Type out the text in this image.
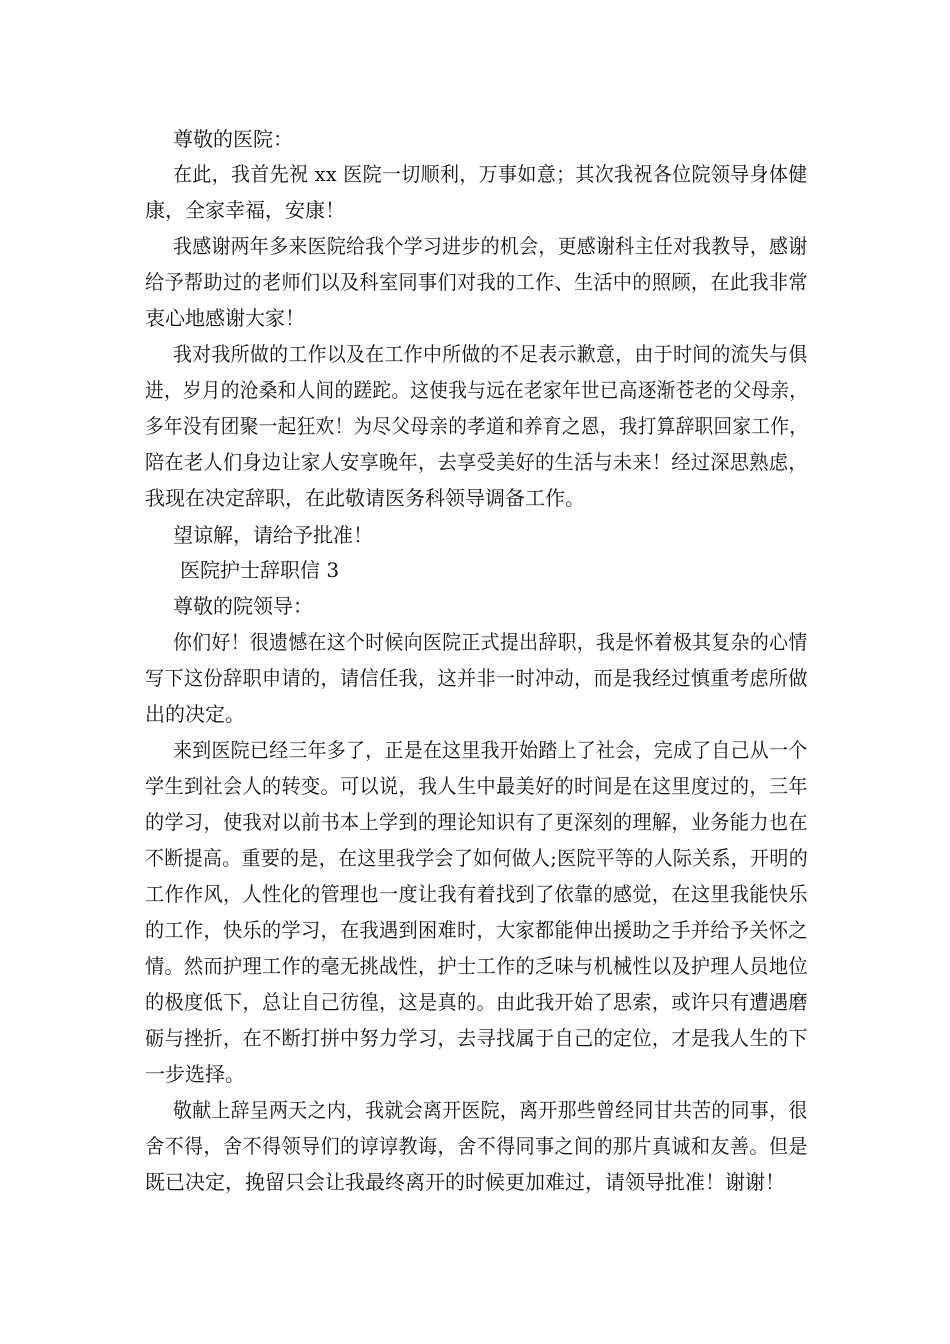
尊敬的医院：
在此，我首先祝 xx 医院一切顺利，万事如意；其次我祝各位院领导身体健
康，全家幸福，安康！
我感谢两年多来医院给我个学习进步的机会，更感谢科主任对我教导，感谢
给予帮助过的老师们以及科室同事们对我的工作、生活中的照顾，在此我非常
衷心地感谢大家！
我对我所做的工作以及在工作中所做的不足表示歉意，由于时间的流失与俱
进，岁月的沧桑和人间的蹉跎。这使我与远在老家年世已高逐渐苍老的父母亲，
多年没有团聚一起狂欢！为尽父母亲的孝道和养育之恩，我打算辞职回家工作，
陪在老人们身边让家人安享晚年，去享受美好的生活与未来！经过深思熟虑，
我现在决定辞职，在此敬请医务科领导调备工作。
望谅解，请给予批准！
医院护士辞职信 3
尊敬的院领导：
你们好！很遗憾在这个时候向医院正式提出辞职，我是怀着极其复杂的心情
写下这份辞职申请的，请信任我，这并非一时冲动，而是我经过慎重考虑所做
出的决定。
来到医院已经三年多了，正是在这里我开始踏上了社会，完成了自己从一个
学生到社会人的转变。可以说，我人生中最美好的时间是在这里度过的，三年
的学习，使我对以前书本上学到的理论知识有了更深刻的理解，业务能力也在
不断提高。重要的是，在这里我学会了如何做人;医院平等的人际关系，开明的
工作作风，人性化的管理也一度让我有着找到了依靠的感觉，在这里我能快乐
的工作，快乐的学习，在我遇到困难时，大家都能伸出援助之手并给予关怀之
情。然而护理工作的毫无挑战性，护士工作的乏味与机械性以及护理人员地位
的极度低下，总让自己彷徨，这是真的。由此我开始了思索，或许只有遭遇磨
砺与挫折，在不断打拼中努力学习，去寻找属于自己的定位，才是我人生的下
一步选择。
敬献上辞呈两天之内，我就会离开医院，离开那些曾经同甘共苦的同事，很
舍不得，舍不得领导们的谆谆教诲，舍不得同事之间的那片真诚和友善。但是
既已决定，挽留只会让我最终离开的时候更加难过，请领导批准！谢谢！
